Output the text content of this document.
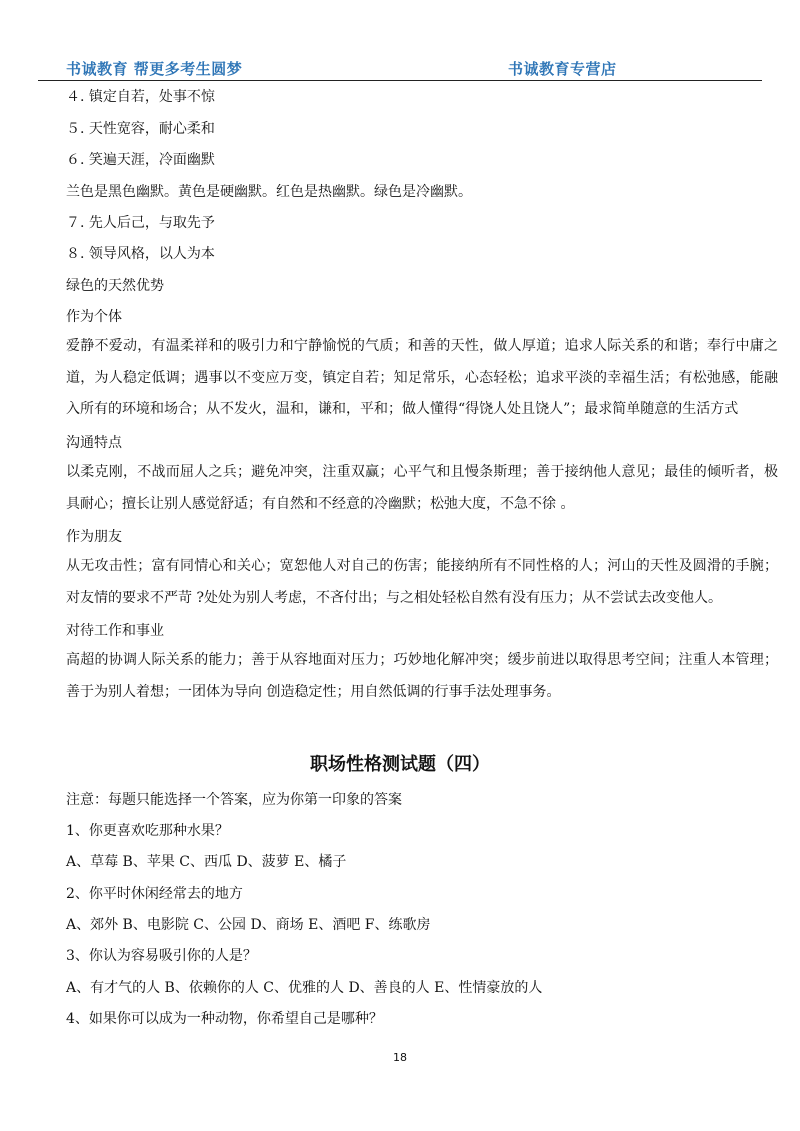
书诚教育 帮更多考生圆梦	书诚教育专营店
４. 镇定自若，处事不惊
５. 天性宽容，耐心柔和
６. 笑遍天涯，冷面幽默
兰色是黑色幽默。黄色是硬幽默。红色是热幽默。绿色是冷幽默。
７. 先人后己，与取先予
８. 领导风格，以人为本
绿色的天然优势
作为个体
爱静不爱动，有温柔祥和的吸引力和宁静愉悦的气质；和善的天性，做人厚道；追求人际关系的和谐；奉行中庸之道，为人稳定低调；遇事以不变应万变，镇定自若；知足常乐，心态轻松；追求平淡的幸福生活；有松弛感，能融入所有的环境和场合；从不发火，温和，谦和，平和；做人懂得“得饶人处且饶人”；最求简单随意的生活方式
沟通特点
以柔克刚，不战而屈人之兵；避免冲突，注重双赢；心平气和且慢条斯理；善于接纳他人意见；最佳的倾听者，极具耐心；擅长让别人感觉舒适；有自然和不经意的冷幽默；松弛大度，不急不徐 。
作为朋友
从无攻击性；富有同情心和关心；宽恕他人对自己的伤害；能接纳所有不同性格的人；河山的天性及圆滑的手腕；对友情的要求不严苛 ?处处为别人考虑，不吝付出；与之相处轻松自然有没有压力；从不尝试去改变他人。
对待工作和事业
高超的协调人际关系的能力；善于从容地面对压力；巧妙地化解冲突；缓步前进以取得思考空间；注重人本管理；善于为别人着想；一团体为导向 创造稳定性；用自然低调的行事手法处理事务。
职场性格测试题（四）
注意：每题只能选择一个答案，应为你第一印象的答案
1、你更喜欢吃那种水果？
A、草莓 B、苹果 C、西瓜 D、菠萝 E、橘子
2、你平时休闲经常去的地方
A、郊外 B、电影院 C、公园 D、商场 E、酒吧 F、练歌房
3、你认为容易吸引你的人是？
A、有才气的人 B、依赖你的人 C、优雅的人 D、善良的人 E、性情豪放的人
4、如果你可以成为一种动物，你希望自己是哪种？
18
